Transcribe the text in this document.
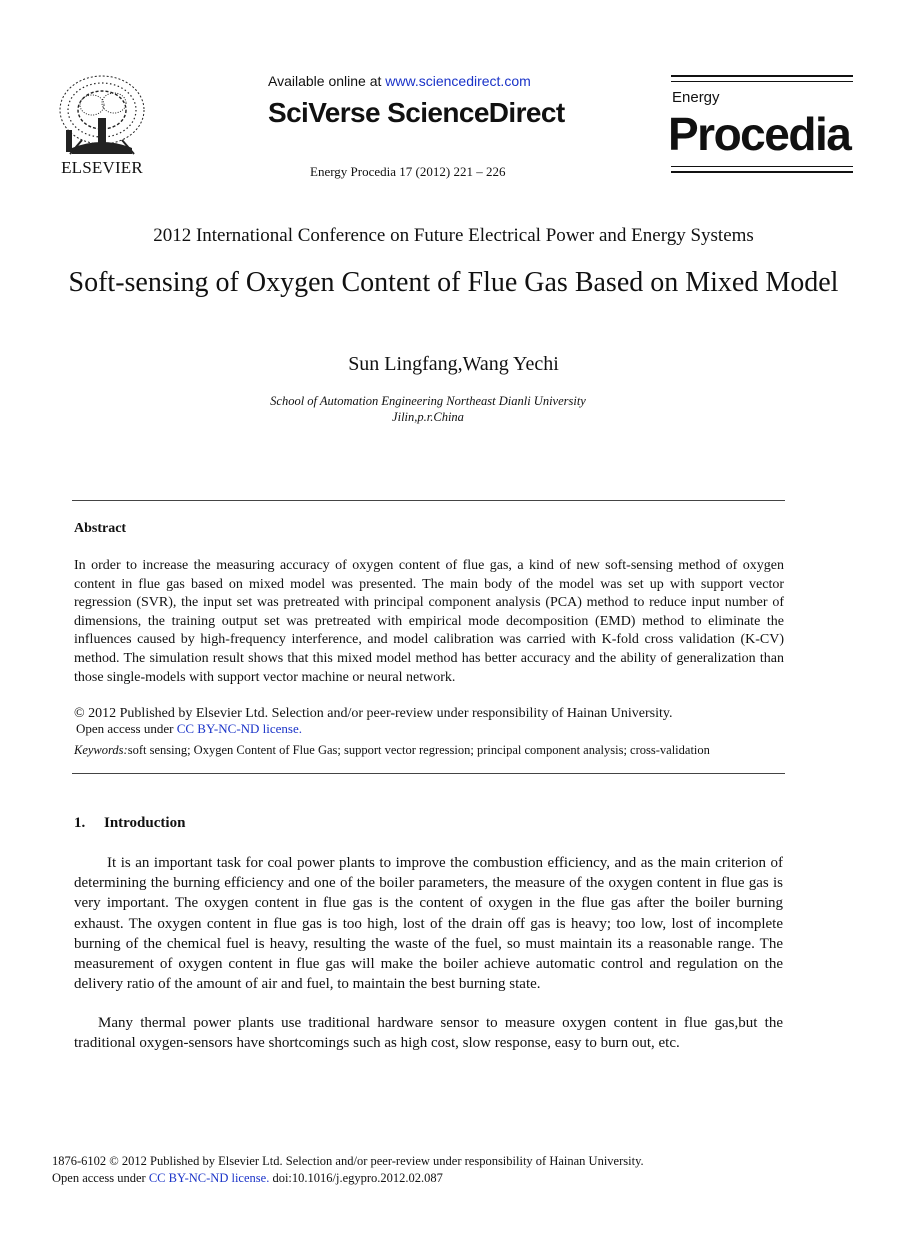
ELSEVIER
Available online at www.sciencedirect.com
SciVerse ScienceDirect
Energy Procedia 17 (2012) 221 – 226
Energy
Procedia
2012 International Conference on Future Electrical Power and Energy Systems
Soft-sensing of Oxygen Content of Flue Gas Based on Mixed Model
Sun Lingfang,Wang Yechi
School of Automation Engineering Northeast Dianli University
Jilin,p.r.China
Abstract
In order to increase the measuring accuracy of oxygen content of flue gas, a kind of new soft-sensing method of oxygen content in flue gas based on mixed model was presented. The main body of the model was set up with support vector regression (SVR), the input set was pretreated with principal component analysis (PCA) method to reduce input number of dimensions, the training output set was pretreated with empirical mode decomposition (EMD) method to eliminate the influences caused by high-frequency interference, and model calibration was carried with K-fold cross validation (K-CV) method. The simulation result shows that this mixed model method has better accuracy and the ability of generalization than those single-models with support vector machine or neural network.
© 2012 Published by Elsevier Ltd. Selection and/or peer-review under responsibility of Hainan University.
Open access under CC BY-NC-ND license.
Keywords:soft sensing; Oxygen Content of Flue Gas; support vector regression; principal component analysis; cross-validation
1. Introduction
It is an important task for coal power plants to improve the combustion efficiency, and as the main criterion of determining the burning efficiency and one of the boiler parameters, the measure of the oxygen content in flue gas is very important. The oxygen content in flue gas is the content of oxygen in the flue gas after the boiler burning exhaust. The oxygen content in flue gas is too high, lost of the drain off gas is heavy; too low, lost of incomplete burning of the chemical fuel is heavy, resulting the waste of the fuel, so must maintain its a reasonable range. The measurement of oxygen content in flue gas will make the boiler achieve automatic control and regulation on the delivery ratio of the amount of air and fuel, to maintain the best burning state.
Many thermal power plants use traditional hardware sensor to measure oxygen content in flue gas,but the traditional oxygen-sensors have shortcomings such as high cost, slow response, easy to burn out, etc.
1876-6102 © 2012 Published by Elsevier Ltd. Selection and/or peer-review under responsibility of Hainan University.
Open access under CC BY-NC-ND license. doi:10.1016/j.egypro.2012.02.087
